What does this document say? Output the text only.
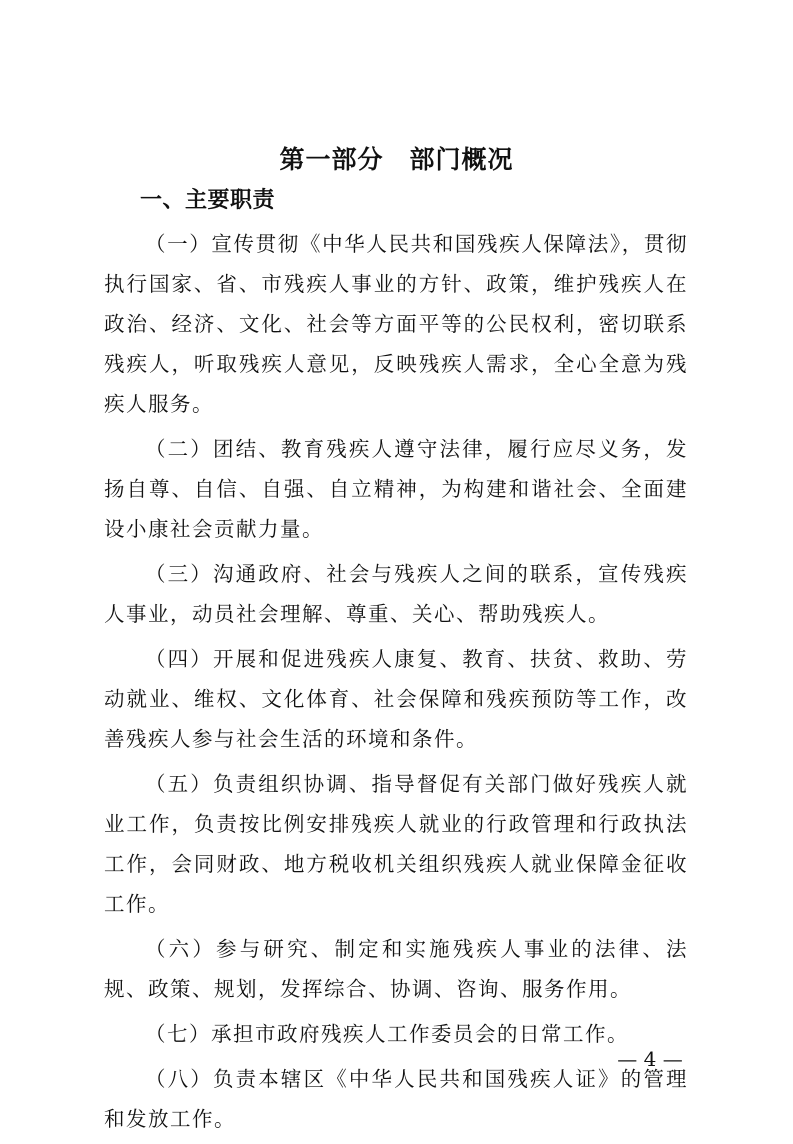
第一部分　部门概况
一、主要职责

（一）宣传贯彻《中华人民共和国残疾人保障法》，贯彻执行国家、省、市残疾人事业的方针、政策，维护残疾人在政治、经济、文化、社会等方面平等的公民权利，密切联系残疾人，听取残疾人意见，反映残疾人需求，全心全意为残疾人服务。

（二）团结、教育残疾人遵守法律，履行应尽义务，发扬自尊、自信、自强、自立精神，为构建和谐社会、全面建设小康社会贡献力量。

（三）沟通政府、社会与残疾人之间的联系，宣传残疾人事业，动员社会理解、尊重、关心、帮助残疾人。

（四）开展和促进残疾人康复、教育、扶贫、救助、劳动就业、维权、文化体育、社会保障和残疾预防等工作，改善残疾人参与社会生活的环境和条件。

（五）负责组织协调、指导督促有关部门做好残疾人就业工作，负责按比例安排残疾人就业的行政管理和行政执法工作，会同财政、地方税收机关组织残疾人就业保障金征收工作。

（六）参与研究、制定和实施残疾人事业的法律、法规、政策、规划，发挥综合、协调、咨询、服务作用。

（七）承担市政府残疾人工作委员会的日常工作。

（八）负责本辖区《中华人民共和国残疾人证》的管理和发放工作。

— 4 —
